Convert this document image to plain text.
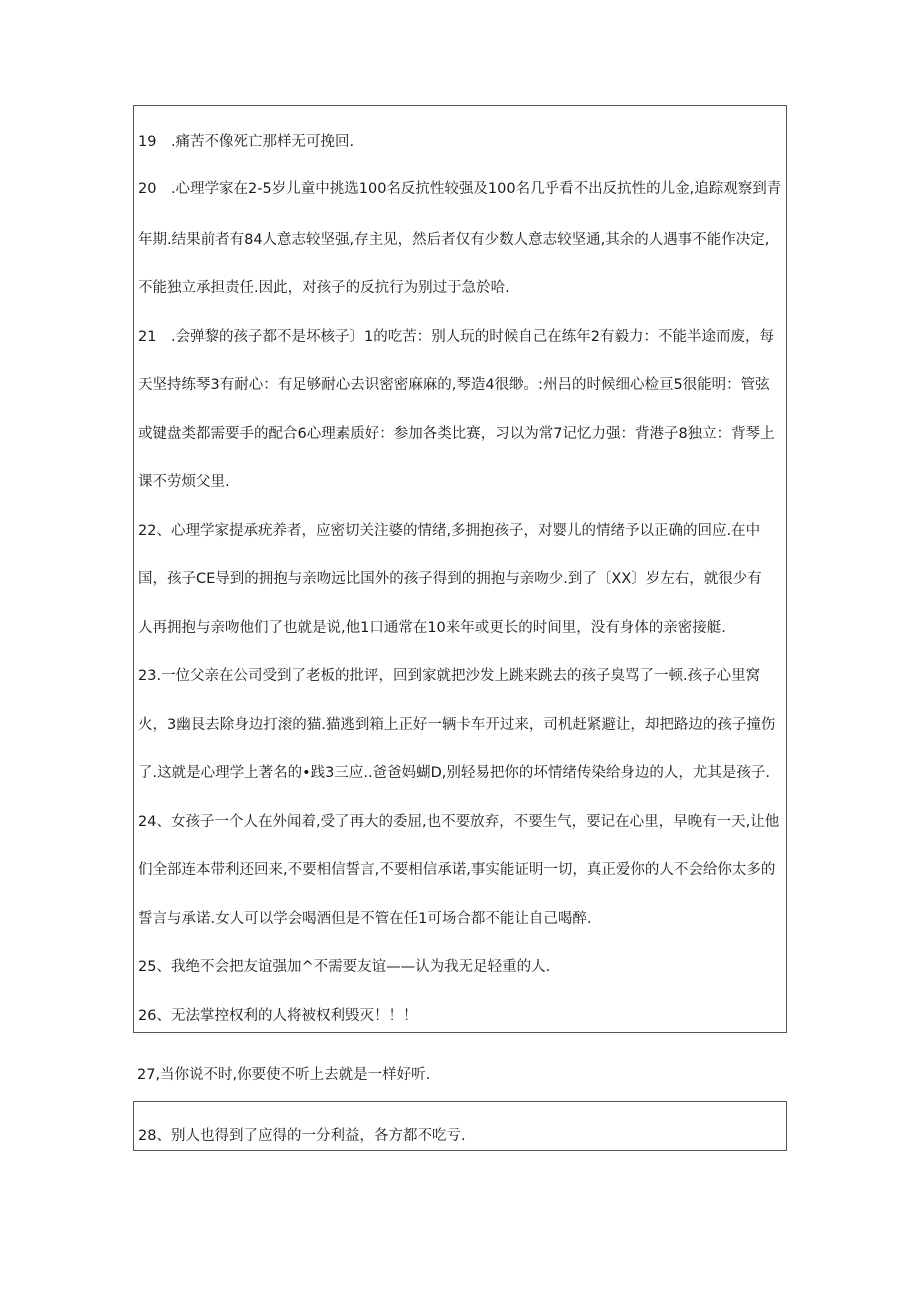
19　.痛苦不像死亡那样无可挽回.
20　.心理学家在2-5岁儿童中挑选100名反抗性较强及100名几乎看不出反抗性的儿金,追踪观察到青
年期.结果前者有84人意志较坚强,存主见，然后者仅有少数人意志较坚通,其余的人遇事不能作决定,
不能独立承担责任.因此，对孩子的反抗行为别过于急於哈.
21　.会弹黎的孩子都不是坏核子〕1的吃苦：别人玩的时候自己在练年2有毅力：不能半途而废，每
天坚持练琴3有耐心：有足够耐心去识密密麻麻的,琴造4很缈。:州吕的时候细心检亘5很能明：管弦
或键盘类都需要手的配合6心理素质好：参加各类比赛，习以为常7记忆力强：背港子8独立：背琴上
课不劳烦父里.
22、心理学家提承疣养者，应密切关注婆的情绪,多拥抱孩子，对婴儿的情绪予以正确的回应.在中
国，孩子CE导到的拥抱与亲吻远比国外的孩子得到的拥抱与亲吻少.到了〔XX〕岁左右，就很少有
人再拥抱与亲吻他们了也就是说,他1口通常在10来年或更长的时间里，没有身体的亲密接艇.
23.一位父亲在公司受到了老板的批评，回到家就把沙发上跳来跳去的孩子臭骂了一顿.孩子心里窝
火，3幽艮去除身边打滚的猫.猫逃到箱上正好一辆卡车开过来，司机赶紧避让，却把路边的孩子撞伤
了.这就是心理学上著名的•践3三应..爸爸妈蝴D,别轻易把你的坏情绪传染给身边的人，尤其是孩子.
24、女孩子一个人在外闻着,受了再大的委屈,也不要放弃，不要生气，要记在心里，早晚有一天,让他
们全部连本带利还回来,不要相信誓言,不要相信承诺,事实能证明一切，真正爱你的人不会给你太多的
誓言与承诺.女人可以学会喝酒但是不管在任1可场合都不能让自己喝醉.
25、我绝不会把友谊强加^不需要友谊——认为我无足轻重的人.
26、无法掌控权利的人将被权利毁灭！！！
27,当你说不时,你要使不听上去就是一样好听.
28、别人也得到了应得的一分利益，各方都不吃亏.
